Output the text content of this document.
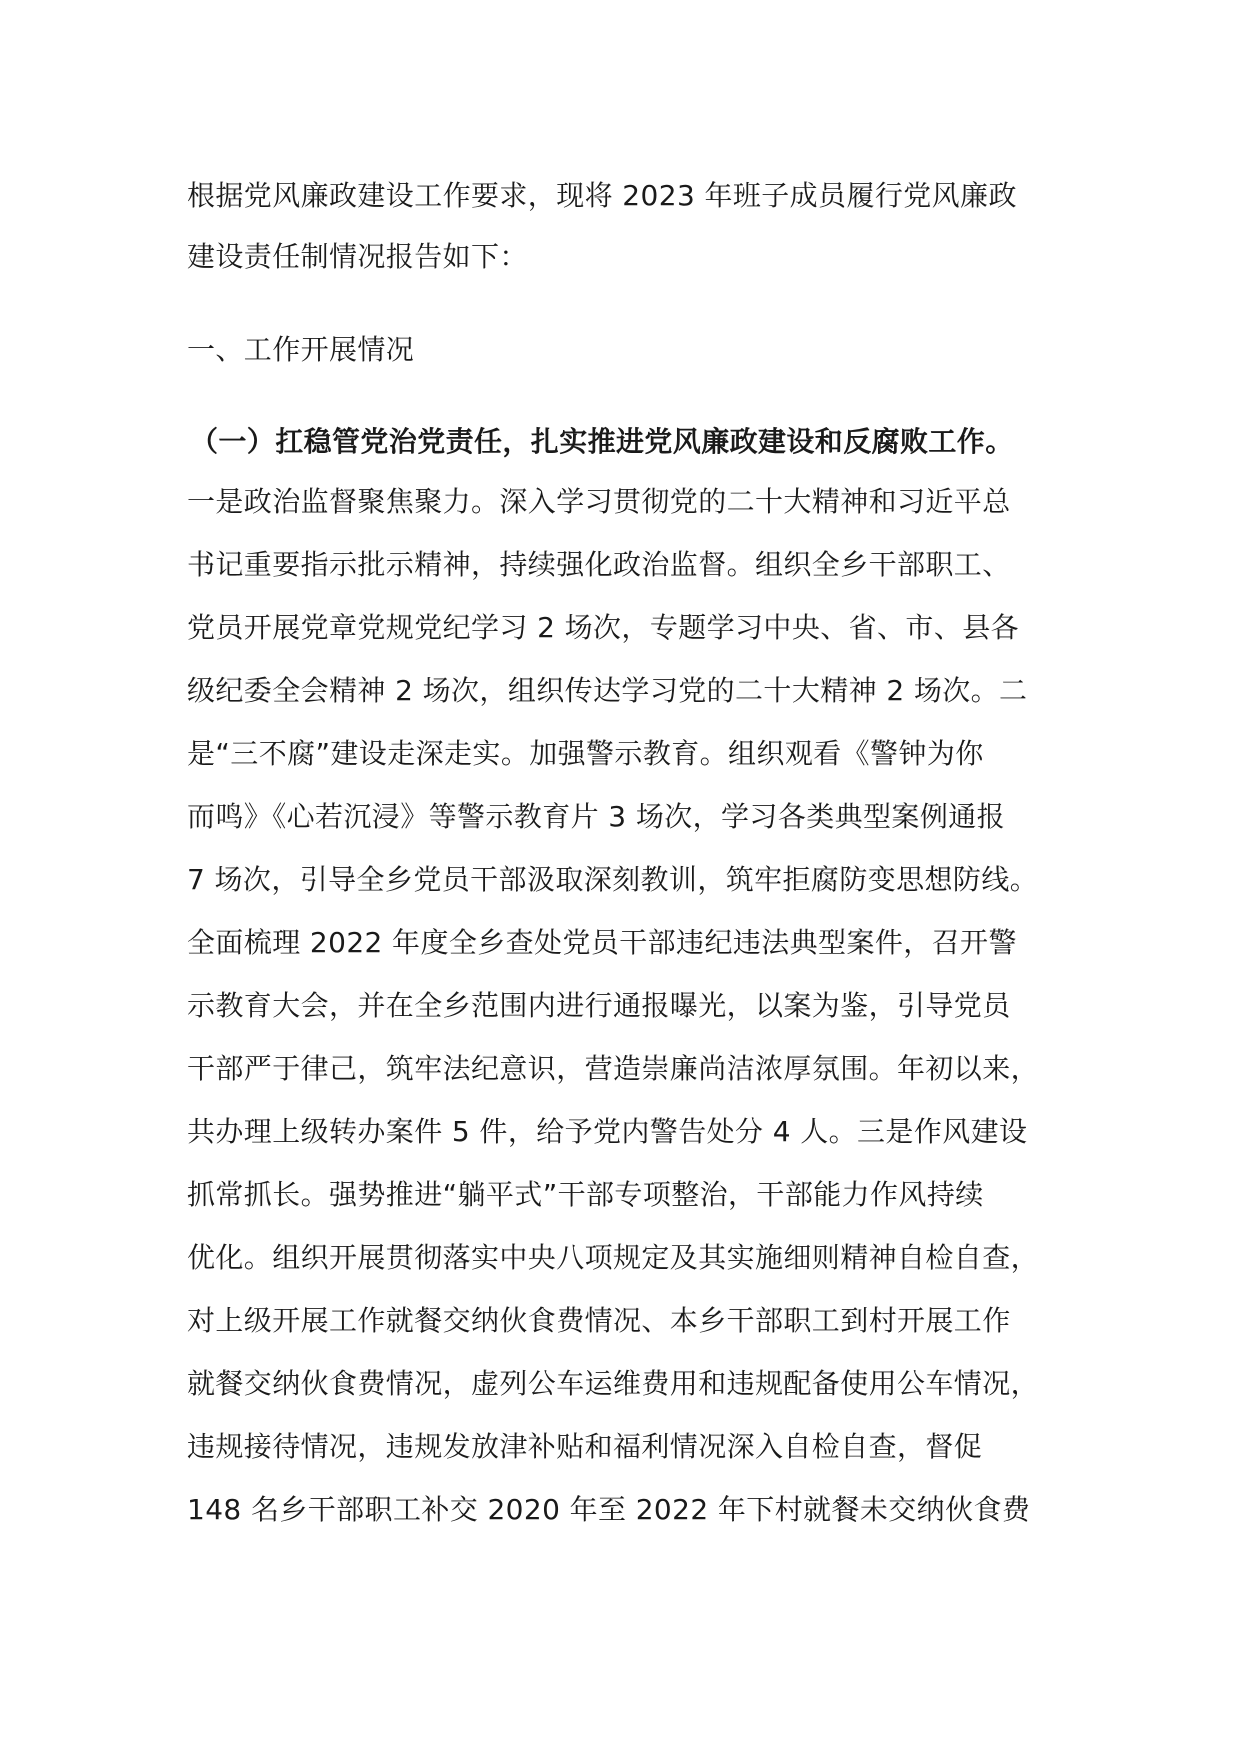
根据党风廉政建设工作要求，现将 2023 年班子成员履行党风廉政
建设责任制情况报告如下：
一、工作开展情况
（一）扛稳管党治党责任，扎实推进党风廉政建设和反腐败工作。
一是政治监督聚焦聚力。深入学习贯彻党的二十大精神和习近平总
书记重要指示批示精神，持续强化政治监督。组织全乡干部职工、
党员开展党章党规党纪学习 2 场次，专题学习中央、省、市、县各
级纪委全会精神 2 场次，组织传达学习党的二十大精神 2 场次。二
是“三不腐”建设走深走实。加强警示教育。组织观看《警钟为你
而鸣》《心若沉浸》等警示教育片 3 场次，学习各类典型案例通报
7 场次，引导全乡党员干部汲取深刻教训，筑牢拒腐防变思想防线。
全面梳理 2022 年度全乡查处党员干部违纪违法典型案件，召开警
示教育大会，并在全乡范围内进行通报曝光，以案为鉴，引导党员
干部严于律己，筑牢法纪意识，营造崇廉尚洁浓厚氛围。年初以来，
共办理上级转办案件 5 件，给予党内警告处分 4 人。三是作风建设
抓常抓长。强势推进“躺平式”干部专项整治，干部能力作风持续
优化。组织开展贯彻落实中央八项规定及其实施细则精神自检自查，
对上级开展工作就餐交纳伙食费情况、本乡干部职工到村开展工作
就餐交纳伙食费情况，虚列公车运维费用和违规配备使用公车情况，
违规接待情况，违规发放津补贴和福利情况深入自检自查，督促
148 名乡干部职工补交 2020 年至 2022 年下村就餐未交纳伙食费
